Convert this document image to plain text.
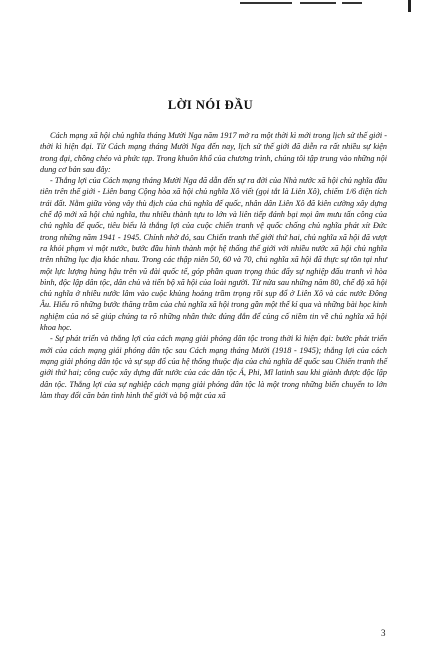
LỜI NÓI ĐẦU

Cách mạng xã hội chủ nghĩa tháng Mười Nga năm 1917 mở ra một thời kì mới trong lịch sử thế giới - thời kì hiện đại. Từ Cách mạng tháng Mười Nga đến nay, lịch sử thế giới đã diễn ra rất nhiều sự kiện trong đại, chồng chéo và phức tạp. Trong khuôn khổ của chương trình, chúng tôi tập trung vào những nội dung cơ bản sau đây:

- Thắng lợi của Cách mạng tháng Mười Nga đã dẫn đến sự ra đời của Nhà nước xã hội chủ nghĩa đầu tiên trên thế giới - Liên bang Cộng hòa xã hội chủ nghĩa Xô viết (gọi tắt là Liên Xô), chiếm 1/6 diện tích trái đất. Nằm giữa vòng vây thù địch của chủ nghĩa đế quốc, nhân dân Liên Xô đã kiên cường xây dựng chế độ mới xã hội chủ nghĩa, thu nhiều thành tựu to lớn và liên tiếp đánh bại mọi âm mưu tấn công của chủ nghĩa đế quốc, tiêu biểu là thắng lợi của cuộc chiến tranh vệ quốc chống chủ nghĩa phát xít Đức trong những năm 1941 - 1945. Chính nhờ đó, sau Chiến tranh thế giới thứ hai, chủ nghĩa xã hội đã vượt ra khỏi phạm vi một nước, bước đầu hình thành một hệ thống thế giới với nhiều nước xã hội chủ nghĩa trên những lục địa khác nhau. Trong các thập niên 50, 60 và 70, chủ nghĩa xã hội đã thực sự tồn tại như một lực lượng hùng hậu trên vũ đài quốc tế, góp phần quan trọng thúc đẩy sự nghiệp đấu tranh vì hòa bình, độc lập dân tộc, dân chủ và tiến bộ xã hội của loài người. Từ nửa sau những năm 80, chế độ xã hội chủ nghĩa ở nhiều nước lâm vào cuộc khủng hoảng trầm trọng rồi sụp đổ ở Liên Xô và các nước Đông Âu. Hiểu rõ những bước thăng trầm của chủ nghĩa xã hội trong gần một thế kỉ qua và những bài học kinh nghiệm của nó sẽ giúp chúng ta rõ những nhân thức đúng đắn để củng cố niềm tin về chủ nghĩa xã hội khoa học.

- Sự phát triển và thắng lợi của cách mạng giải phóng dân tộc trong thời kì hiện đại: bước phát triển mới của cách mạng giải phóng dân tộc sau Cách mạng tháng Mười (1918 - 1945); thắng lợi của cách mạng giải phóng dân tộc và sự sụp đổ của hệ thống thuộc địa của chủ nghĩa đế quốc sau Chiến tranh thế giới thứ hai; công cuộc xây dựng đất nước của các dân tộc Á, Phi, Mĩ latinh sau khi giành được độc lập dân tộc. Thắng lợi của sự nghiệp cách mạng giải phóng dân tộc là một trong những biến chuyển to lớn làm thay đổi căn bản tình hình thế giới và bộ mặt của xã

3
